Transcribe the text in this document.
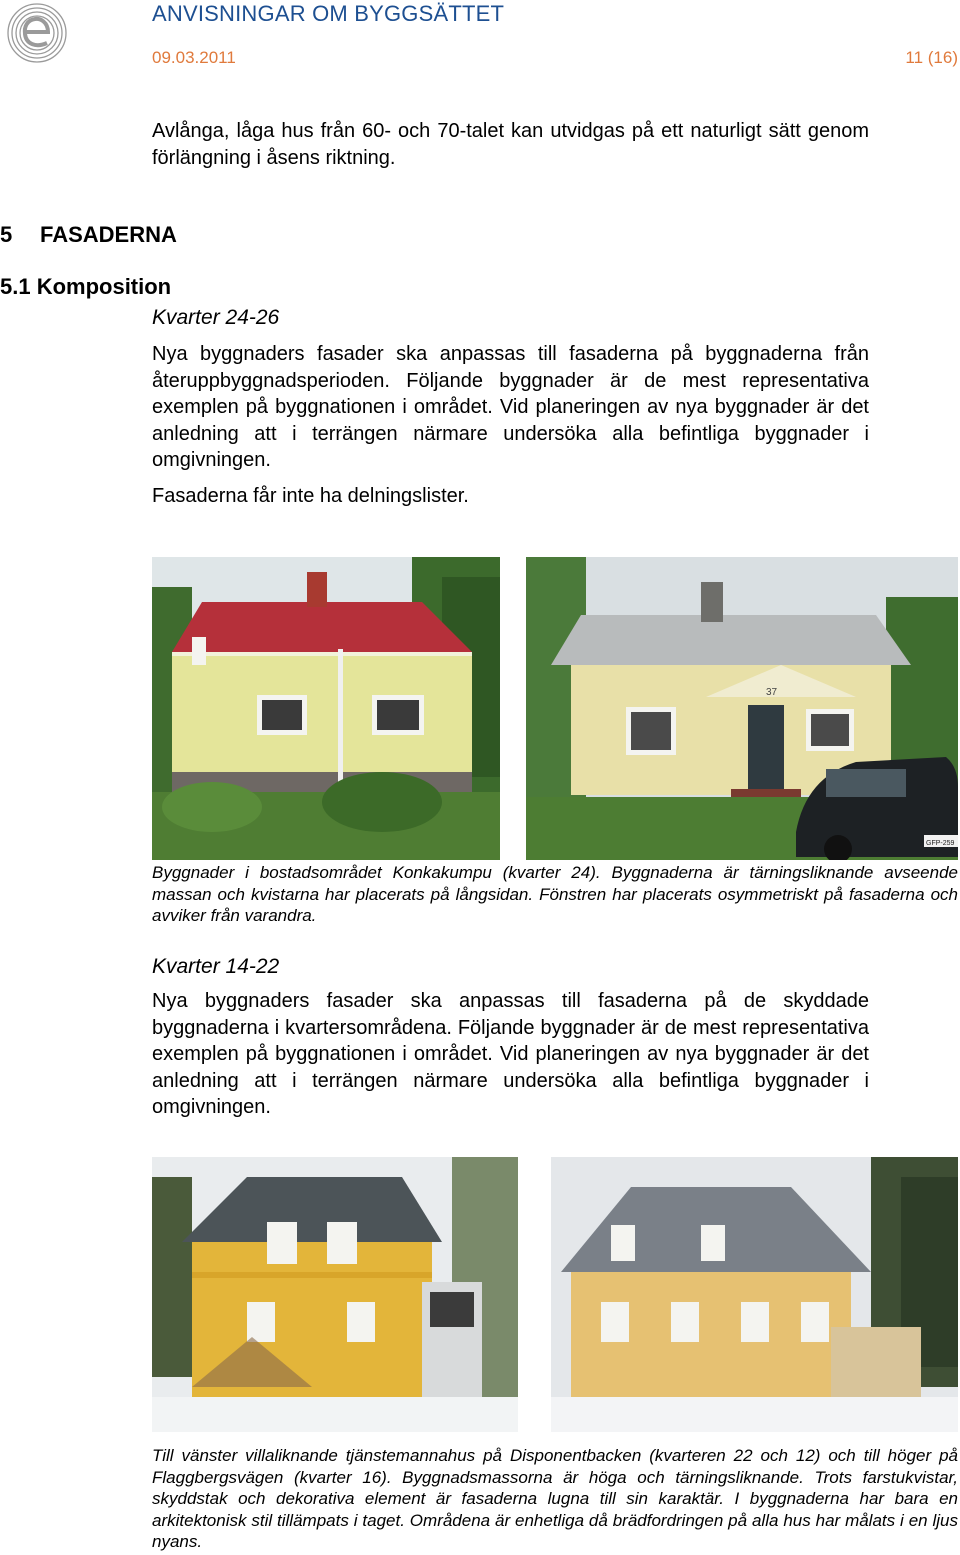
ANVISNINGAR OM BYGGSÄTTET
09.03.2011	11 (16)
Avlånga, låga hus från 60- och 70-talet kan utvidgas på ett naturligt sätt genom förlängning i åsens riktning.
5 FASADERNA
5.1 Komposition
Kvarter 24-26
Nya byggnaders fasader ska anpassas till fasaderna på byggnaderna från återuppbyggnadsperioden. Följande byggnader är de mest representativa exemplen på byggnationen i området. Vid planeringen av nya byggnader är det anledning att i terrängen närmare undersöka alla befintliga byggnader i omgivningen.
Fasaderna får inte ha delningslister.
37
GFP-259
Byggnader i bostadsområdet Konkakumpu (kvarter 24). Byggnaderna är tärningsliknande avseende massan och kvistarna har placerats på långsidan. Fönstren har placerats osymmetriskt på fasaderna och avviker från varandra.
Kvarter 14-22
Nya byggnaders fasader ska anpassas till fasaderna på de skyddade byggnaderna i kvartersområdena. Följande byggnader är de mest representativa exemplen på byggnationen i området. Vid planeringen av nya byggnader är det anledning att i terrängen närmare undersöka alla befintliga byggnader i omgivningen.
Till vänster villaliknande tjänstemannahus på Disponentbacken (kvarteren 22 och 12) och till höger på Flaggbergsvägen (kvarter 16). Byggnadsmassorna är höga och tärningsliknande. Trots farstukvistar, skyddstak och dekorativa element är fasaderna lugna till sin karaktär. I byggnaderna har bara en arkitektonisk stil tillämpats i taget. Områdena är enhetliga då brädfordringen på alla hus har målats i en ljus nyans.
